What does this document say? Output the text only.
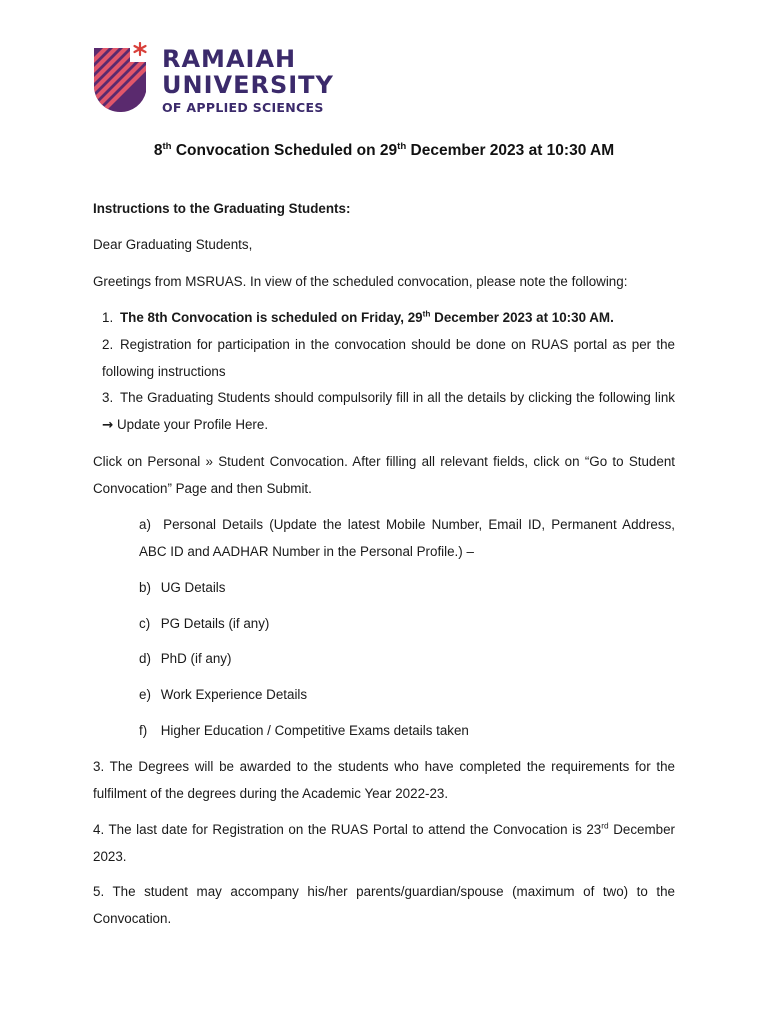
RAMAIAH
UNIVERSITY
OF APPLIED SCIENCES
8th Convocation Scheduled on 29th December 2023 at 10:30 AM
Instructions to the Graduating Students:
Dear Graduating Students,
Greetings from MSRUAS. In view of the scheduled convocation, please note the following:
1. The 8th Convocation is scheduled on Friday, 29th December 2023 at 10:30 AM.
2. Registration for participation in the convocation should be done on RUAS portal as per the following instructions
3. The Graduating Students should compulsorily fill in all the details by clicking the following link → Update your Profile Here.
Click on Personal » Student Convocation. After filling all relevant fields, click on “Go to Student Convocation” Page and then Submit.
a) Personal Details (Update the latest Mobile Number, Email ID, Permanent Address, ABC ID and AADHAR Number in the Personal Profile.) –
b) UG Details
c) PG Details (if any)
d) PhD (if any)
e) Work Experience Details
f) Higher Education / Competitive Exams details taken
3. The Degrees will be awarded to the students who have completed the requirements for the fulfilment of the degrees during the Academic Year 2022-23.
4. The last date for Registration on the RUAS Portal to attend the Convocation is 23rd December 2023.
5. The student may accompany his/her parents/guardian/spouse (maximum of two) to the Convocation.
